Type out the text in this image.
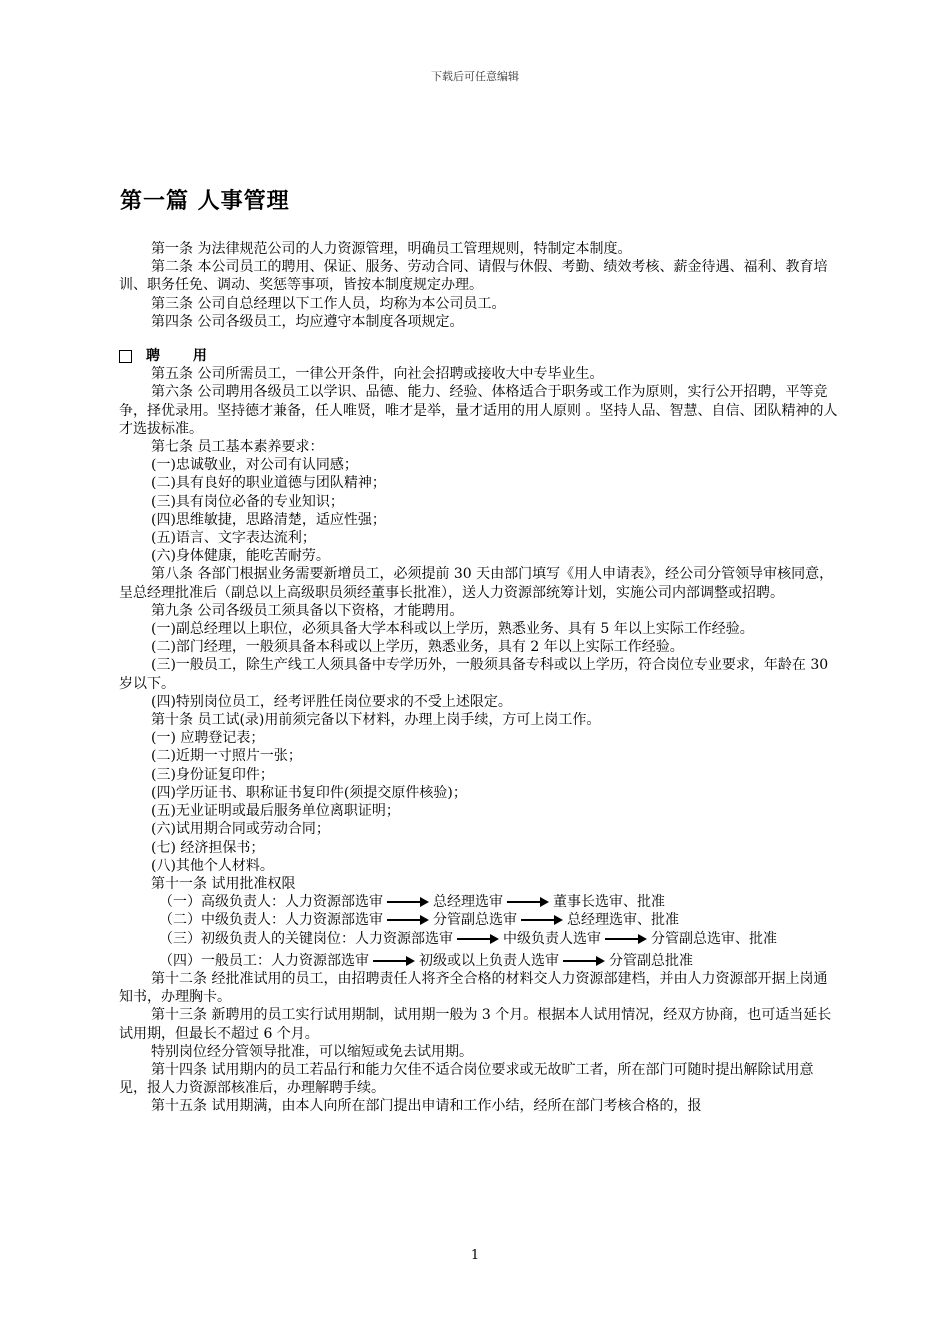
下载后可任意编辑
第一篇 人事管理

第一条 为法律规范公司的人力资源管理，明确员工管理规则，特制定本制度。

第二条 本公司员工的聘用、保证、服务、劳动合同、请假与休假、考勤、绩效考核、薪金待遇、福利、教育培训、职务任免、调动、奖惩等事项，皆按本制度规定办理。

第三条 公司自总经理以下工作人员，均称为本公司员工。

第四条 公司各级员工，均应遵守本制度各项规定。

聘 用

第五条 公司所需员工，一律公开条件，向社会招聘或接收大中专毕业生。

第六条 公司聘用各级员工以学识、品德、能力、经验、体格适合于职务或工作为原则，实行公开招聘，平等竞争，择优录用。坚持德才兼备，任人唯贤，唯才是举，量才适用的用人原则 。坚持人品、智慧、自信、团队精神的人才选拔标准。

第七条 员工基本素养要求：

(一)忠诚敬业，对公司有认同感；

(二)具有良好的职业道德与团队精神；

(三)具有岗位必备的专业知识；

(四)思维敏捷，思路清楚，适应性强；

(五)语言、文字表达流利；

(六)身体健康，能吃苦耐劳。

第八条 各部门根据业务需要新增员工，必须提前 30 天由部门填写《用人申请表》，经公司分管领导审核同意，呈总经理批准后（副总以上高级职员须经董事长批准），送人力资源部统筹计划，实施公司内部调整或招聘。

第九条 公司各级员工须具备以下资格，才能聘用。

(一)副总经理以上职位，必须具备大学本科或以上学历，熟悉业务、具有 5 年以上实际工作经验。

(二)部门经理，一般须具备本科或以上学历，熟悉业务，具有 2 年以上实际工作经验。

(三)一般员工，除生产线工人须具备中专学历外，一般须具备专科或以上学历，符合岗位专业要求，年龄在 30 岁以下。

(四)特别岗位员工，经考评胜任岗位要求的不受上述限定。

第十条 员工试(录)用前须完备以下材料，办理上岗手续，方可上岗工作。

(一) 应聘登记表；

(二)近期一寸照片一张；

(三)身份证复印件；

(四)学历证书、职称证书复印件(须提交原件核验)；

(五)无业证明或最后服务单位离职证明；

(六)试用期合同或劳动合同；

(七) 经济担保书；

(八)其他个人材料。

第十一条 试用批准权限

（一）高级负责人：人力资源部选审	总经理选审	董事长选审、批准
（二）中级负责人：人力资源部选审	分管副总选审	总经理选审、批准
（三）初级负责人的关键岗位：人力资源部选审	中级负责人选审	分管副总选审、批准
（四）一般员工：人力资源部选审	初级或以上负责人选审	分管副总批准

第十二条 经批准试用的员工，由招聘责任人将齐全合格的材料交人力资源部建档，并由人力资源部开据上岗通知书，办理胸卡。

第十三条 新聘用的员工实行试用期制，试用期一般为 3 个月。根据本人试用情况，经双方协商，也可适当延长试用期，但最长不超过 6 个月。

特别岗位经分管领导批准，可以缩短或免去试用期。

第十四条 试用期内的员工若品行和能力欠佳不适合岗位要求或无故旷工者，所在部门可随时提出解除试用意见，报人力资源部核准后，办理解聘手续。

第十五条 试用期满，由本人向所在部门提出申请和工作小结，经所在部门考核合格的，报

1
